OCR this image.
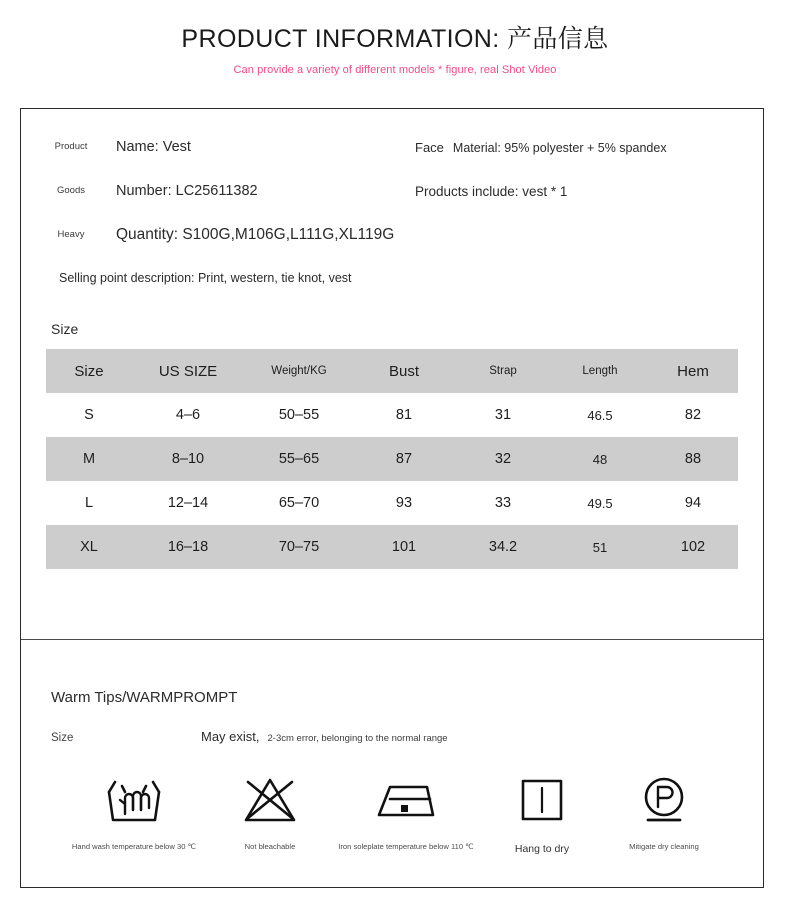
PRODUCT INFORMATION: 产品信息

Can provide a variety of different models * figure, real Shot Video

Product Name: Vest	Face Material: 95% polyester + 5% spandex
Goods Number: LC25611382	Products include: vest * 1
Heavy Quantity: S100G,M106G,L111G,XL119G
Selling point description: Print, western, tie knot, vest
Size
Size	US SIZE	Weight/KG	Bust	Strap	Length	Hem
S	4–6	50–55	81	31	46.5	82
M	8–10	55–65	87	32	48	88
L	12–14	65–70	93	33	49.5	94
XL	16–18	70–75	101	34.2	51	102
Warm Tips/WARMPROMPT
Size	May exist, 2-3cm error, belonging to the normal range
Hand wash temperature below 30 ℃	Not bleachable	Iron soleplate temperature below 110 ℃	Hang to dry	Mitigate dry cleaning
